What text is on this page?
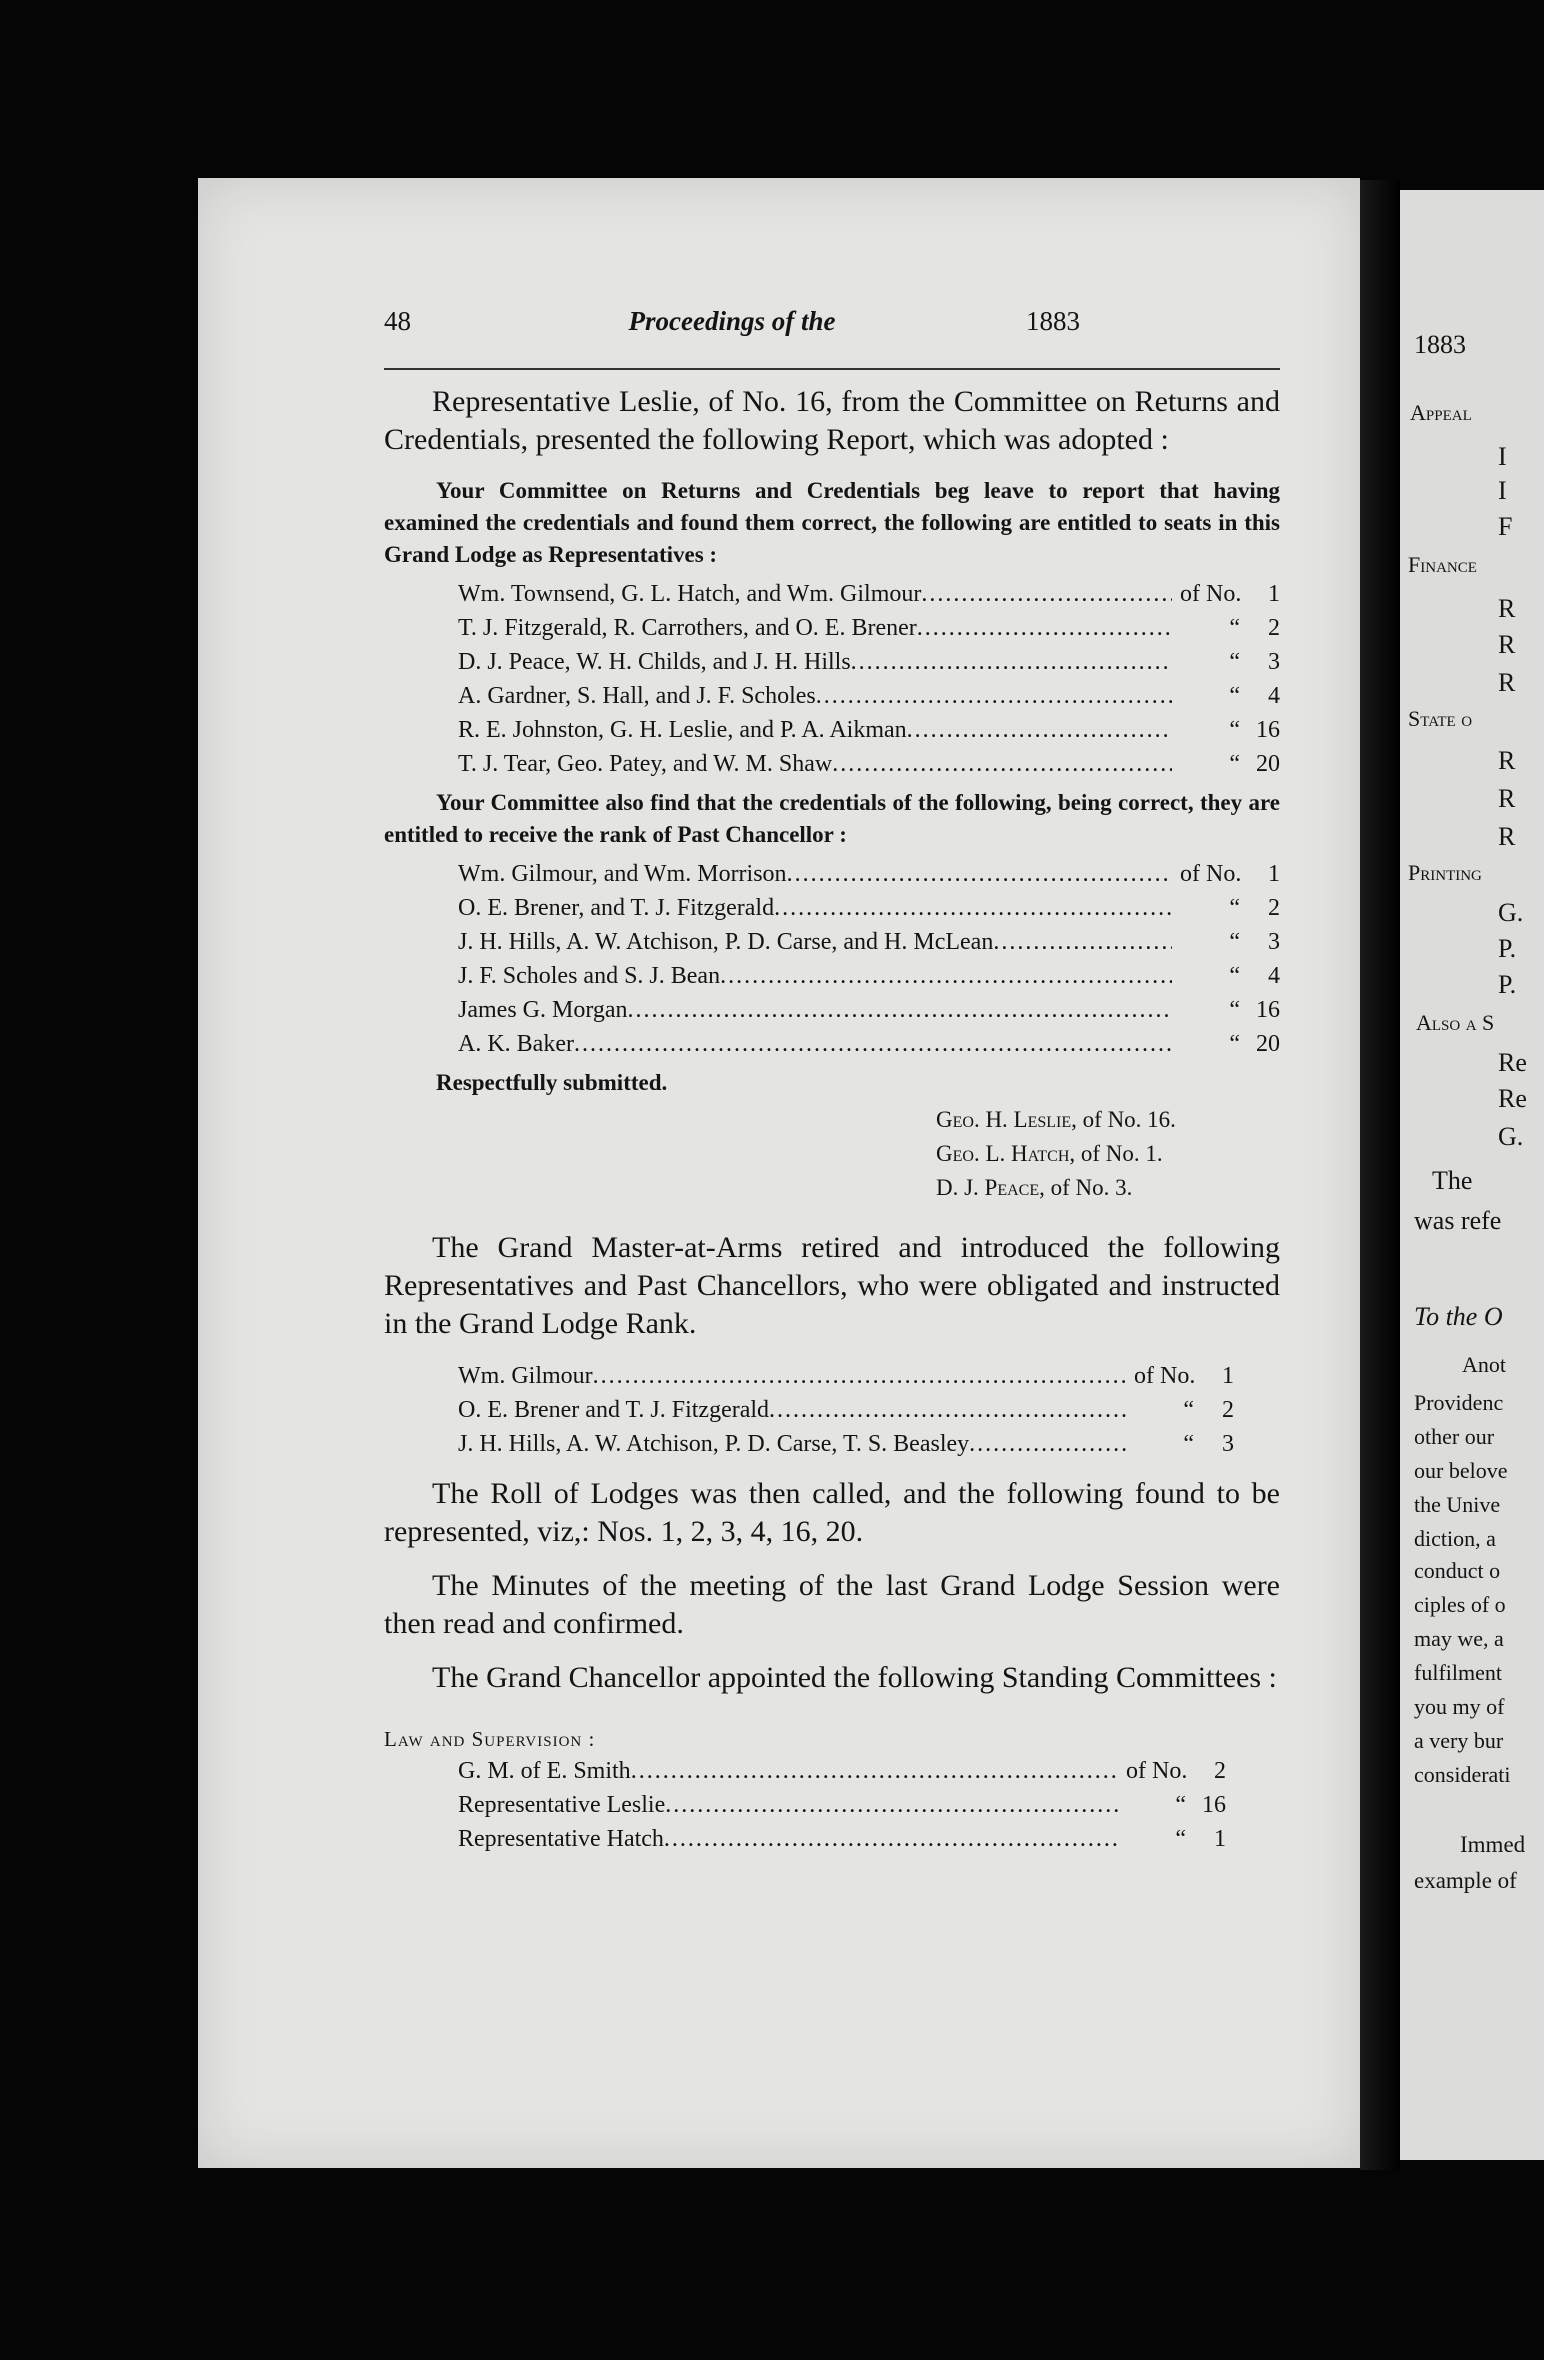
48	Proceedings of the	1883

Representative Leslie, of No. 16, from the Committee on Returns and Credentials, presented the following Report, which was adopted :

Your Committee on Returns and Credentials beg leave to report that having examined the credentials and found them correct, the following are entitled to seats in this Grand Lodge as Representatives :

Wm. Townsend, G. L. Hatch, and Wm. Gilmour .....	of No. 1
T. J. Fitzgerald, R. Carrothers, and O. E. Brener .....	“ 2
D. J. Peace, W. H. Childs, and J. H. Hills .....	“ 3
A. Gardner, S. Hall, and J. F. Scholes .....	“ 4
R. E. Johnston, G. H. Leslie, and P. A. Aikman .....	“ 16
T. J. Tear, Geo. Patey, and W. M. Shaw .....	“ 20

Your Committee also find that the credentials of the following, being correct, they are entitled to receive the rank of Past Chancellor :

Wm. Gilmour, and Wm. Morrison .....	of No. 1
O. E. Brener, and T. J. Fitzgerald .....	“ 2
J. H. Hills, A. W. Atchison, P. D. Carse, and H. McLean .....	“ 3
J. F. Scholes and S. J. Bean .....	“ 4
James G. Morgan .....	“ 16
A. K. Baker .....	“ 20
Respectfully submitted.
Geo. H. Leslie, of No. 16.
Geo. L. Hatch, of No. 1.
D. J. Peace, of No. 3.

The Grand Master-at-Arms retired and introduced the following Representatives and Past Chancellors, who were obligated and instructed in the Grand Lodge Rank.

Wm. Gilmour .....	of No. 1
O. E. Brener and T. J. Fitzgerald .....	“ 2
J. H. Hills, A. W. Atchison, P. D. Carse, T. S. Beasley .....	“ 3

The Roll of Lodges was then called, and the following found to be represented, viz,: Nos. 1, 2, 3, 4, 16, 20.

The Minutes of the meeting of the last Grand Lodge Session were then read and confirmed.

The Grand Chancellor appointed the following Standing Committees :

Law and Supervision :
G. M. of E. Smith .....	of No. 2
Representative Leslie .....	“ 16
Representative Hatch .....	“ 1
1883
Appeal
I
I
F
Finance
R
R
R
State o
R
R
R
Printing
G.
P.
P.
Also a S
Re
Re
G.
The
was refe
To the O
Anot
Providenc
other our
our belove
the Unive
diction, a
conduct o
ciples of o
may we, a
fulfilment
you my of
a very bur
considerati
Immed
example of
